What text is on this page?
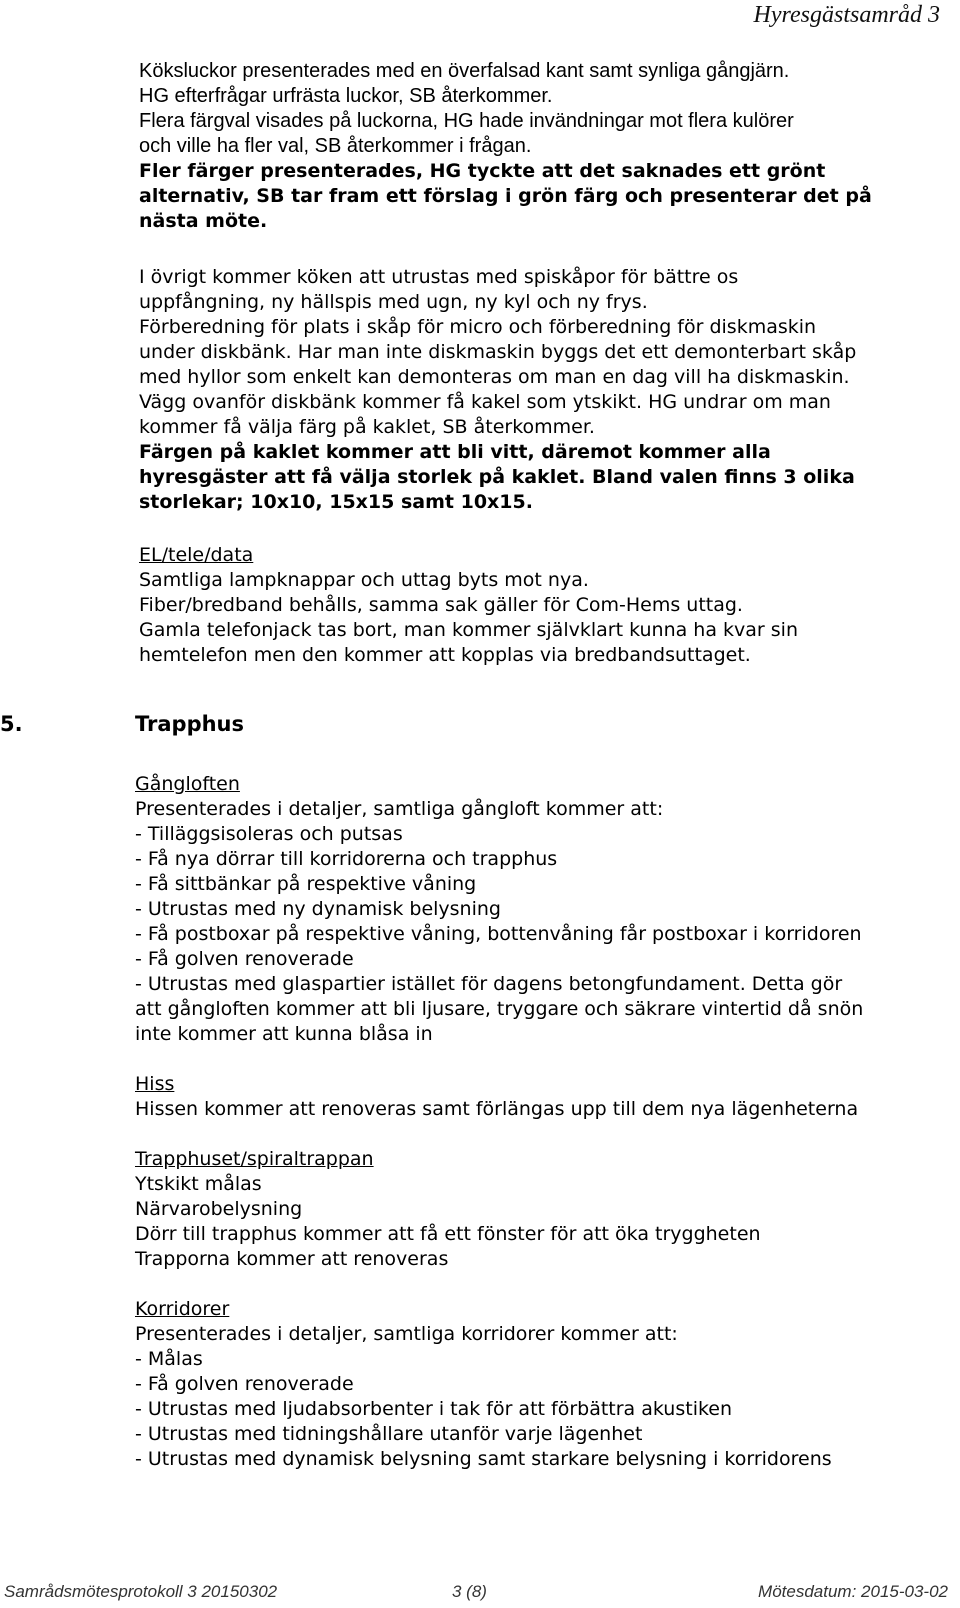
Hyresgästsamråd 3
Köksluckor presenterades med en överfalsad kant samt synliga gångjärn.
HG efterfrågar urfrästa luckor, SB återkommer.
Flera färgval visades på luckorna, HG hade invändningar mot flera kulörer
och ville ha fler val, SB återkommer i frågan.
Fler färger presenterades, HG tyckte att det saknades ett grönt
alternativ, SB tar fram ett förslag i grön färg och presenterar det på
nästa möte.
I övrigt kommer köken att utrustas med spiskåpor för bättre os
uppfångning, ny hällspis med ugn, ny kyl och ny frys.
Förberedning för plats i skåp för micro och förberedning för diskmaskin
under diskbänk. Har man inte diskmaskin byggs det ett demonterbart skåp
med hyllor som enkelt kan demonteras om man en dag vill ha diskmaskin.
Vägg ovanför diskbänk kommer få kakel som ytskikt. HG undrar om man
kommer få välja färg på kaklet, SB återkommer.
Färgen på kaklet kommer att bli vitt, däremot kommer alla
hyresgäster att få välja storlek på kaklet. Bland valen finns 3 olika
storlekar; 10x10, 15x15 samt 10x15.
EL/tele/data
Samtliga lampknappar och uttag byts mot nya.
Fiber/bredband behålls, samma sak gäller för Com-Hems uttag.
Gamla telefonjack tas bort, man kommer självklart kunna ha kvar sin
hemtelefon men den kommer att kopplas via bredbandsuttaget.
5.	Trapphus
Gångloften
Presenterades i detaljer, samtliga gångloft kommer att:
- Tilläggsisoleras och putsas
- Få nya dörrar till korridorerna och trapphus
- Få sittbänkar på respektive våning
- Utrustas med ny dynamisk belysning
- Få postboxar på respektive våning, bottenvåning får postboxar i korridoren
- Få golven renoverade
- Utrustas med glaspartier istället för dagens betongfundament. Detta gör
att gångloften kommer att bli ljusare, tryggare och säkrare vintertid då snön
inte kommer att kunna blåsa in
Hiss
Hissen kommer att renoveras samt förlängas upp till dem nya lägenheterna
Trapphuset/spiraltrappan
Ytskikt målas
Närvarobelysning
Dörr till trapphus kommer att få ett fönster för att öka tryggheten
Trapporna kommer att renoveras
Korridorer
Presenterades i detaljer, samtliga korridorer kommer att:
- Målas
- Få golven renoverade
- Utrustas med ljudabsorbenter i tak för att förbättra akustiken
- Utrustas med tidningshållare utanför varje lägenhet
- Utrustas med dynamisk belysning samt starkare belysning i korridorens
Samrådsmötesprotokoll 3 20150302	3 (8)	Mötesdatum: 2015-03-02
